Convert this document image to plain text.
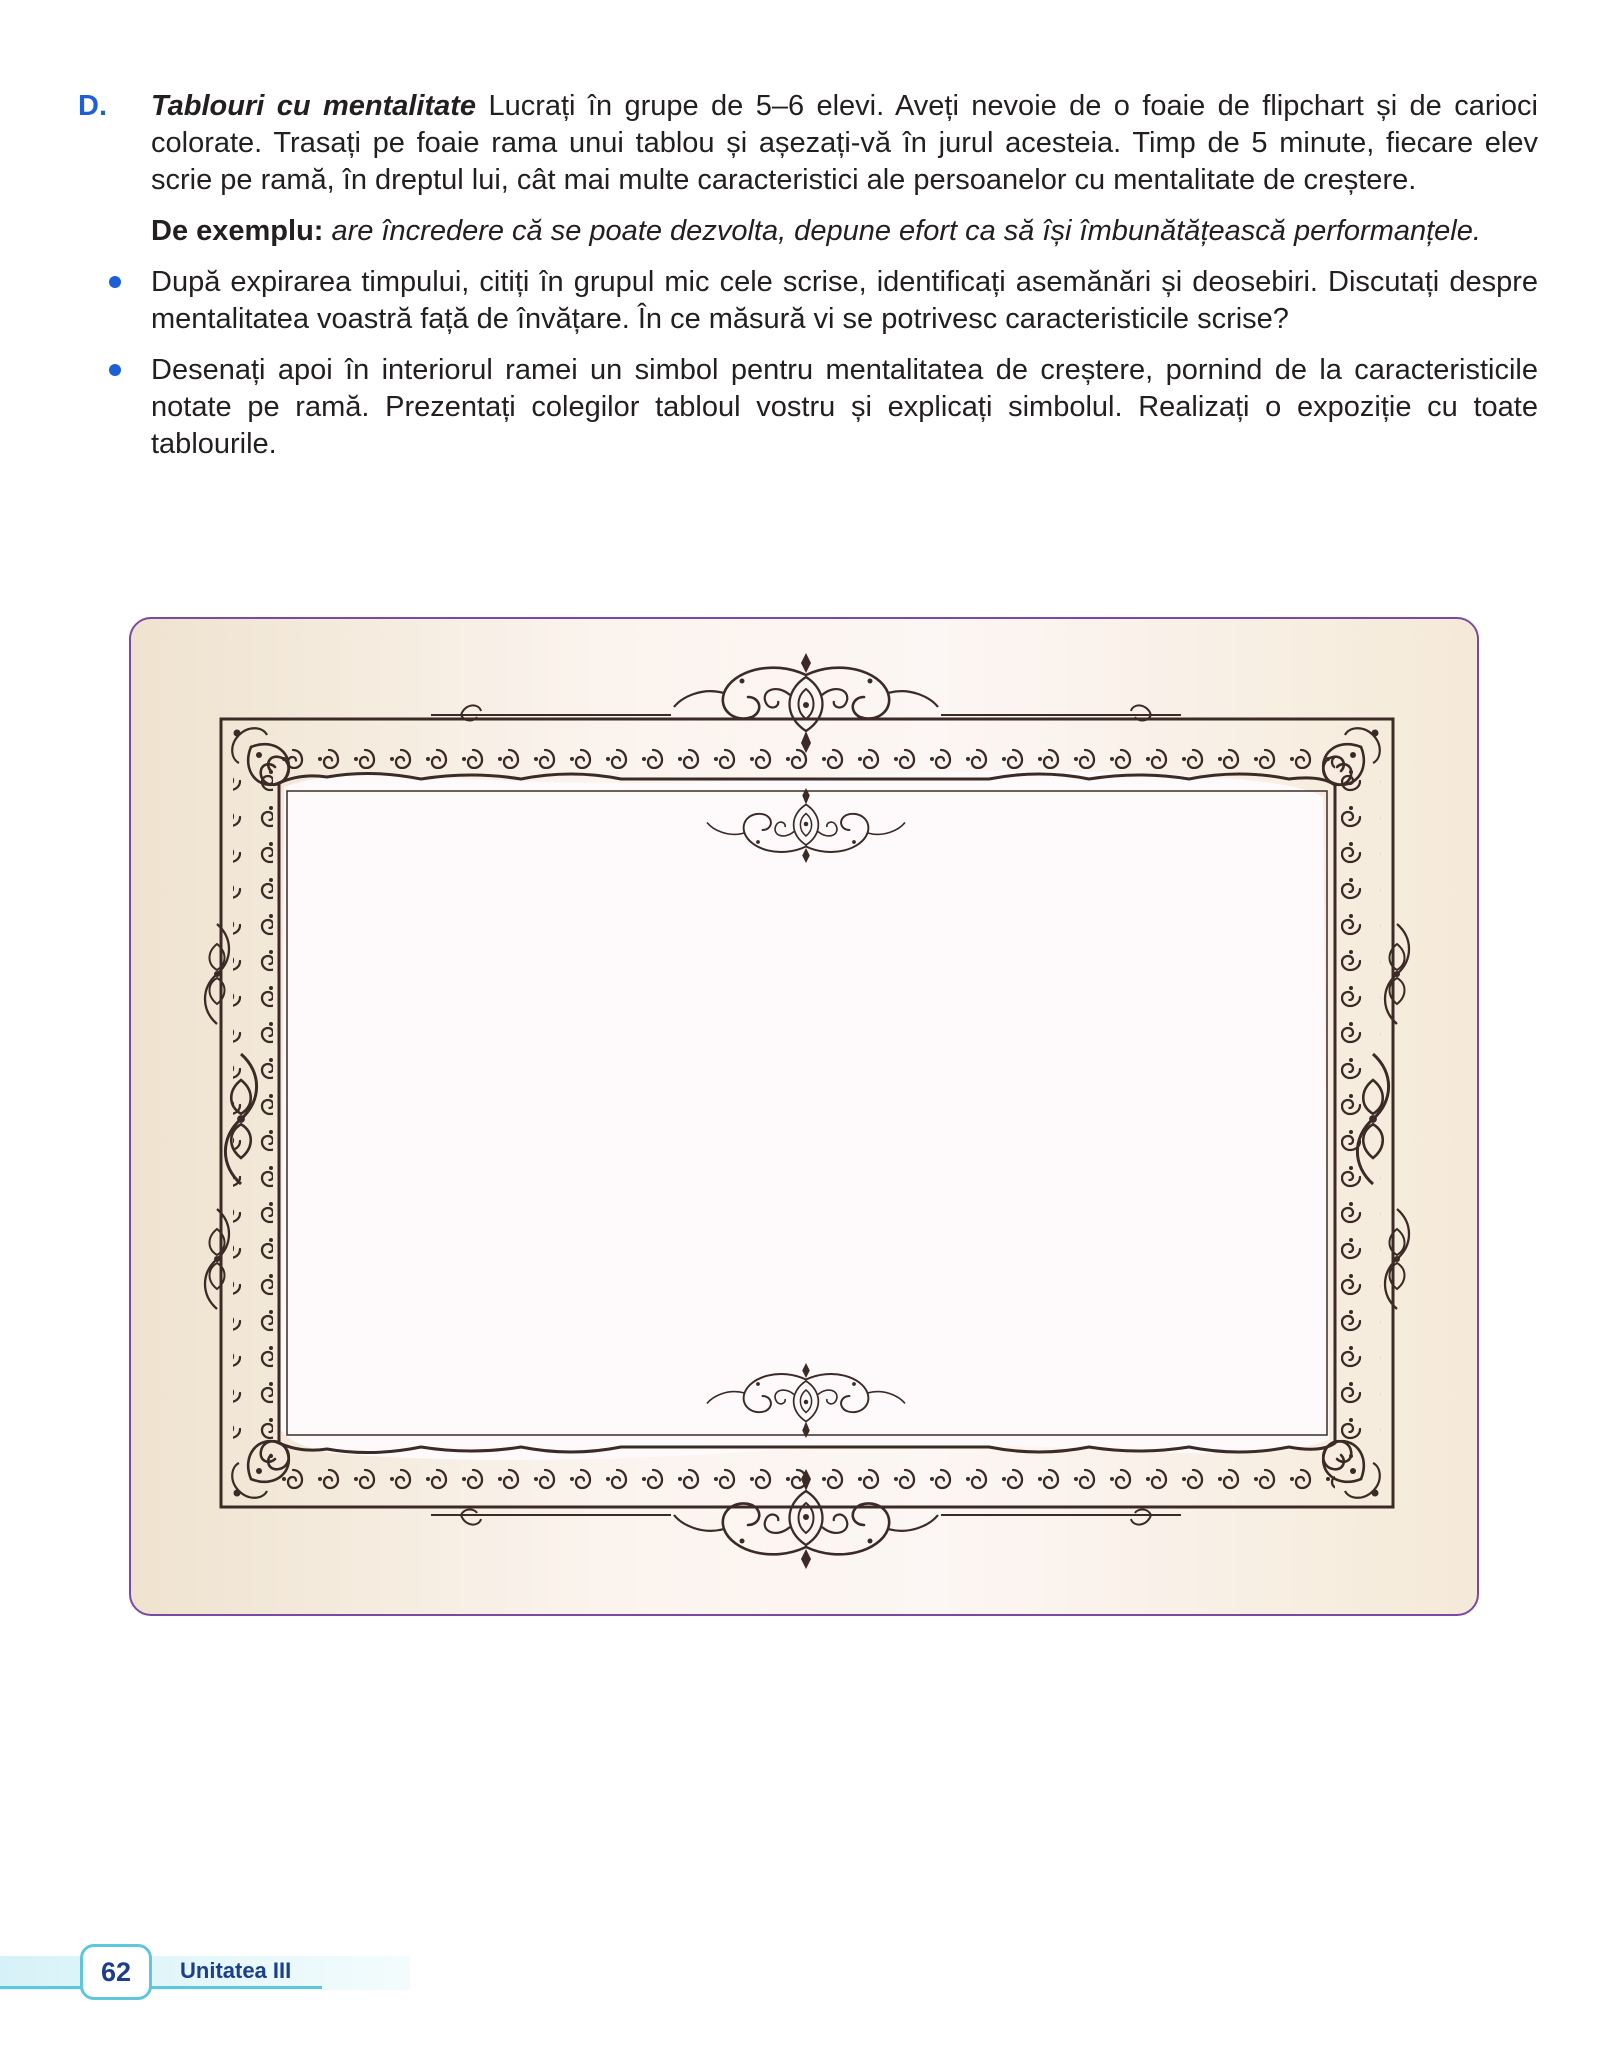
D.	Tablouri cu mentalitate Lucrați în grupe de 5–6 elevi. Aveți nevoie de o foaie de flipchart și de carioci colorate. Trasați pe foaie rama unui tablou și așezați-vă în jurul acesteia. Timp de 5 minute, fiecare elev scrie pe ramă, în dreptul lui, cât mai multe caracteristici ale persoanelor cu mentalitate de creștere.

De exemplu: are încredere că se poate dezvolta, depune efort ca să își îmbunătățească performanțele.

După expirarea timpului, citiți în grupul mic cele scrise, identificați asemănări și deosebiri. Discutați despre mentalitatea voastră față de învățare. În ce măsură vi se potrivesc caracteristicile scrise?
Desenați apoi în interiorul ramei un simbol pentru mentalitatea de creștere, pornind de la caracteristicile notate pe ramă. Prezentați colegilor tabloul vostru și explicați simbolul. Realizați o expoziție cu toate tablourile.
62	Unitatea III
